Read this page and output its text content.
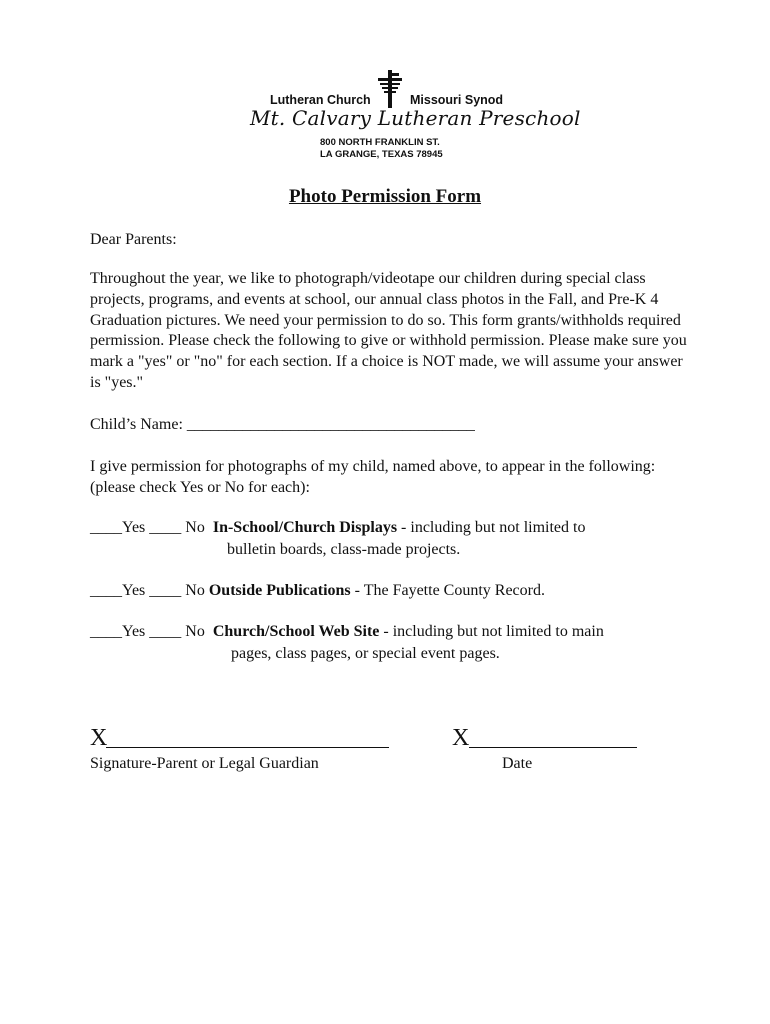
Lutheran Church	Missouri Synod
Mt. Calvary Lutheran Preschool
800 NORTH FRANKLIN ST.
LA GRANGE, TEXAS 78945
Photo Permission Form
Dear Parents:
Throughout the year, we like to photograph/videotape our children during special class projects, programs, and events at school, our annual class photos in the Fall, and Pre-K 4 Graduation pictures. We need your permission to do so. This form grants/withholds required permission. Please check the following to give or withhold permission. Please make sure you mark a "yes" or "no" for each section. If a choice is NOT made, we will assume your answer is "yes."
Child’s Name: ____________________________________
I give permission for photographs of my child, named above, to appear in the following: (please check Yes or No for each):
____Yes ____ No In-School/Church Displays - including but not limited to
bulletin boards, class-made projects.
____Yes ____ No Outside Publications - The Fayette County Record.
____Yes ____ No Church/School Web Site - including but not limited to main
pages, class pages, or special event pages.
X
Signature-Parent or Legal Guardian
X
Date
